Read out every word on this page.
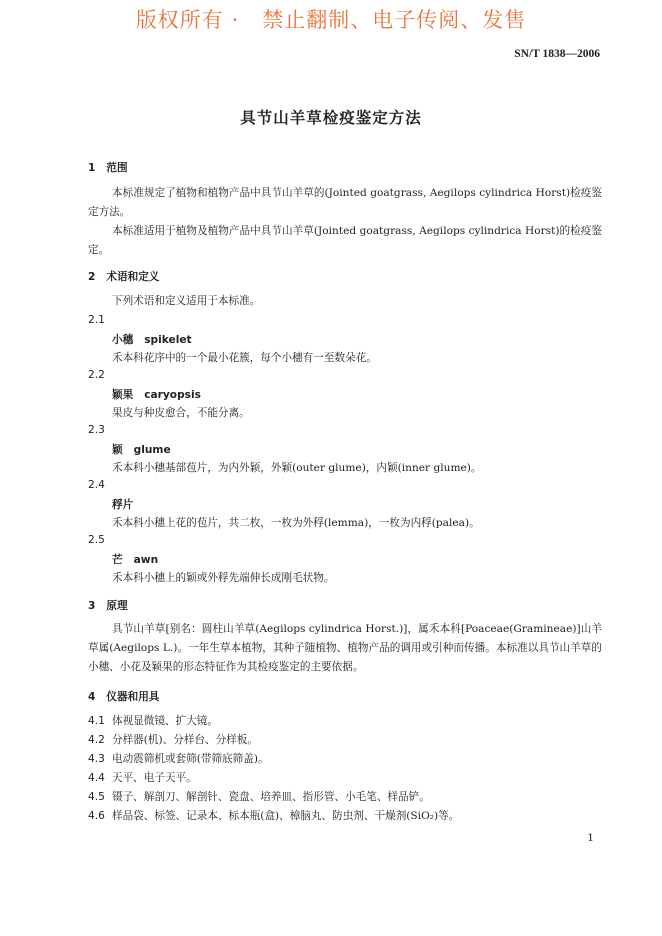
版权所有 ·   禁止翻制、电子传阅、发售
SN/T 1838—2006
具节山羊草检疫鉴定方法
1   范围
本标准规定了植物和植物产品中具节山羊草的(Jointed goatgrass, Aegilops cylindrica Horst)检疫鉴定方法。
本标准适用于植物及植物产品中具节山羊草(Jointed goatgrass, Aegilops cylindrica Horst)的检疫鉴定。
2   术语和定义
下列术语和定义适用于本标准。
2.1
小穗   spikelet
禾本科花序中的一个最小花簇，每个小穗有一至数朵花。
2.2
颖果   caryopsis
果皮与种皮愈合，不能分离。
2.3
颖   glume
禾本科小穗基部苞片，为内外颖，外颖(outer glume)，内颖(inner glume)。
2.4
稃片
禾本科小穗上花的苞片，共二枚，一枚为外稃(lemma)，一枚为内稃(palea)。
2.5
芒   awn
禾本科小穗上的颖或外稃先端伸长成刚毛状物。
3   原理
具节山羊草[别名：圆柱山羊草(Aegilops cylindrica Horst.)]，属禾本科[Poaceae(Gramineae)]山羊草属(Aegilops L.)。一年生草本植物，其种子随植物、植物产品的调用或引种而传播。本标准以具节山羊草的小穗、小花及颖果的形态特征作为其检疫鉴定的主要依据。
4   仪器和用具
4.1 体视显微镜、扩大镜。
4.2 分样器(机)、分样台、分样板。
4.3 电动震筛机或套筛(带筛底筛盖)。
4.4 天平、电子天平。
4.5 镊子、解剖刀、解剖针、瓷盘、培养皿、指形管、小毛笔、样品铲。
4.6 样品袋、标签、记录本、标本瓶(盒)、樟脑丸、防虫剂、干燥剂(SiO₂)等。
1
